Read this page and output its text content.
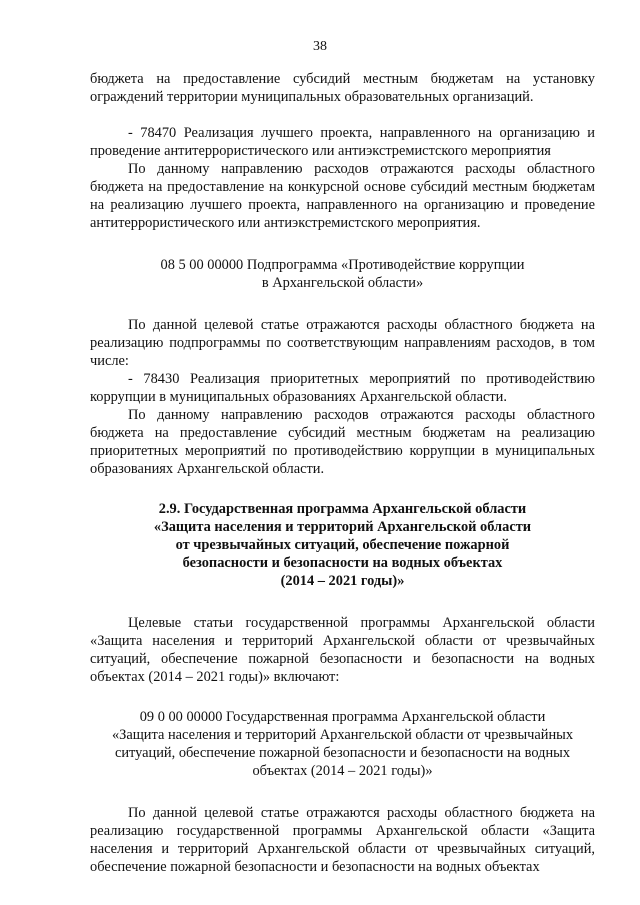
38

бюджета на предоставление субсидий местным бюджетам на установку ограждений территории муниципальных образовательных организаций.

- 78470 Реализация лучшего проекта, направленного на организацию и проведение антитеррористического или антиэкстремистского мероприятия

По данному направлению расходов отражаются расходы областного бюджета на предоставление на конкурсной основе субсидий местным бюджетам на реализацию лучшего проекта, направленного на организацию и проведение антитеррористического или антиэкстремистского мероприятия.

08 5 00 00000 Подпрограмма «Противодействие коррупции

в Архангельской области»

По данной целевой статье отражаются расходы областного бюджета на реализацию подпрограммы по соответствующим направлениям расходов, в том числе:

- 78430 Реализация приоритетных мероприятий по противодействию коррупции в муниципальных образованиях Архангельской области.

По данному направлению расходов отражаются расходы областного бюджета на предоставление субсидий местным бюджетам на реализацию приоритетных мероприятий по противодействию коррупции в муниципальных образованиях Архангельской области.

2.9. Государственная программа Архангельской области

«Защита населения и территорий Архангельской области

от чрезвычайных ситуаций, обеспечение пожарной

безопасности и безопасности на водных объектах

(2014 – 2021 годы)»

Целевые статьи государственной программы Архангельской области «Защита населения и территорий Архангельской области от чрезвычайных ситуаций, обеспечение пожарной безопасности и безопасности на водных объектах (2014 – 2021 годы)» включают:

09 0 00 00000 Государственная программа Архангельской области

«Защита населения и территорий Архангельской области от чрезвычайных

ситуаций, обеспечение пожарной безопасности и безопасности на водных

объектах (2014 – 2021 годы)»

По данной целевой статье отражаются расходы областного бюджета на реализацию государственной программы Архангельской области «Защита населения и территорий Архангельской области от чрезвычайных ситуаций, обеспечение пожарной безопасности и безопасности на водных объектах
